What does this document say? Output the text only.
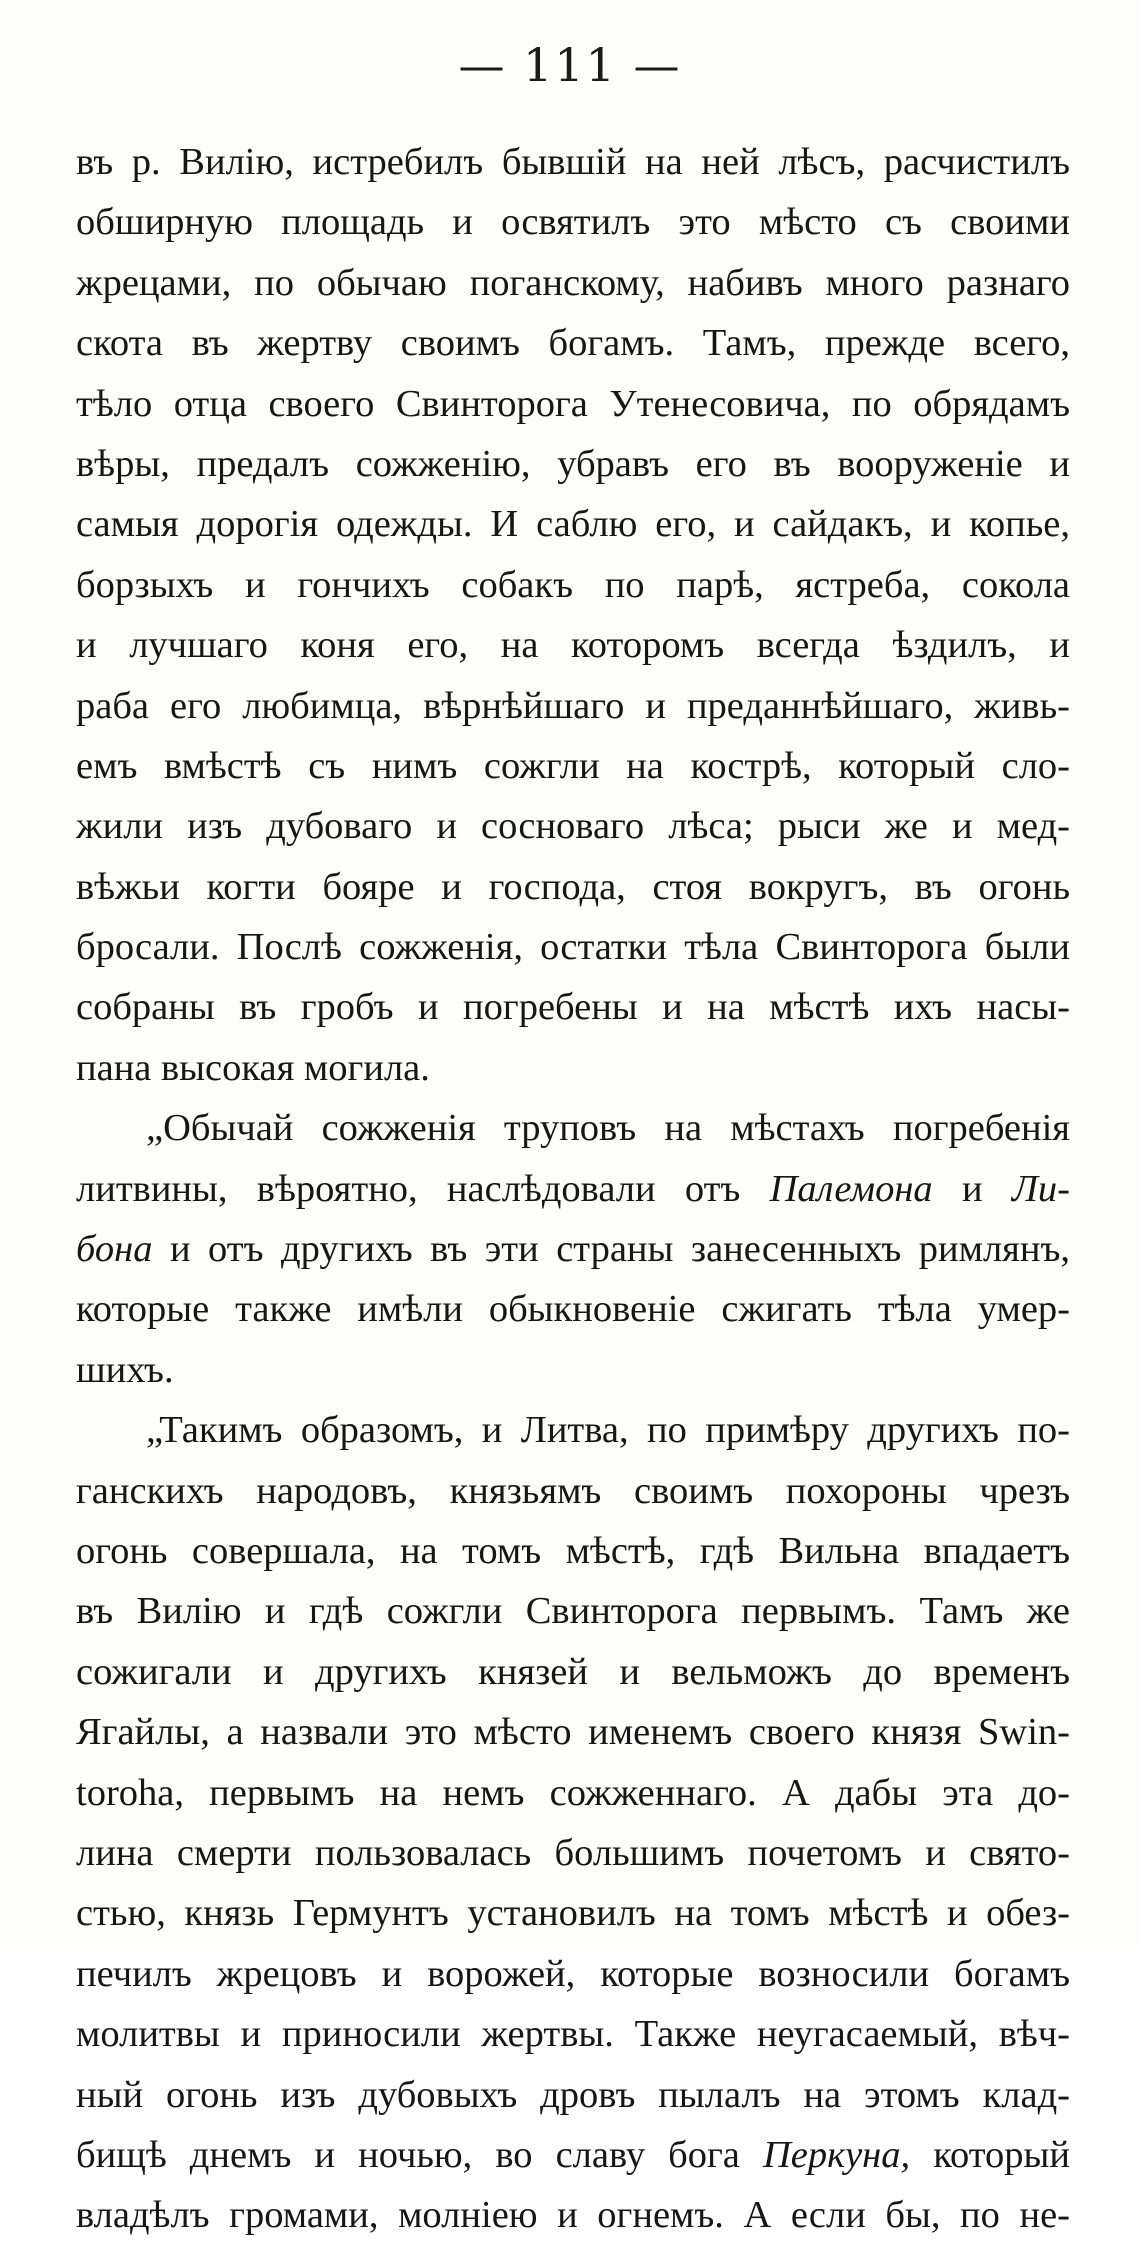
— 111 —
въ р. Вилію, истребилъ бывшій на ней лѣсъ, расчистилъ
обширную площадь и освятилъ это мѣсто съ своими
жрецами, по обычаю поганскому, набивъ много разнаго
скота въ жертву своимъ богамъ. Тамъ, прежде всего,
тѣло отца своего Свинторога Утенесовича, по обрядамъ
вѣры, предалъ сожженію, убравъ его въ вооруженіе и
самыя дорогія одежды. И саблю его, и сайдакъ, и копье,
борзыхъ и гончихъ собакъ по парѣ, ястреба, сокола
и лучшаго коня его, на которомъ всегда ѣздилъ, и
раба его любимца, вѣрнѣйшаго и преданнѣйшаго, живь-
емъ вмѣстѣ съ нимъ сожгли на кострѣ, который сло-
жили изъ дубоваго и сосноваго лѣса; рыси же и мед-
вѣжьи когти бояре и господа, стоя вокругъ, въ огонь
бросали. Послѣ сожженія, остатки тѣла Свинторога были
собраны въ гробъ и погребены и на мѣстѣ ихъ насы-
пана высокая могила.
„Обычай сожженія труповъ на мѣстахъ погребенія
литвины, вѣроятно, наслѣдовали отъ Палемона и Ли-
бона и отъ другихъ въ эти страны занесенныхъ римлянъ,
которые также имѣли обыкновеніе сжигать тѣла умер-
шихъ.
„Такимъ образомъ, и Литва, по примѣру другихъ по-
ганскихъ народовъ, князьямъ своимъ похороны чрезъ
огонь совершала, на томъ мѣстѣ, гдѣ Вильна впадаетъ
въ Вилію и гдѣ сожгли Свинторога первымъ. Тамъ же
сожигали и другихъ князей и вельможъ до временъ
Ягайлы, а назвали это мѣсто именемъ своего князя Swin-
toroha, первымъ на немъ сожженнаго. А дабы эта до-
лина смерти пользовалась большимъ почетомъ и свято-
стью, князь Гермунтъ установилъ на томъ мѣстѣ и обез-
печилъ жрецовъ и ворожей, которые возносили богамъ
молитвы и приносили жертвы. Также неугасаемый, вѣч-
ный огонь изъ дубовыхъ дровъ пылалъ на этомъ клад-
бищѣ днемъ и ночью, во славу бога Перкуна, который
владѣлъ громами, молніею и огнемъ. А если бы, по не-
